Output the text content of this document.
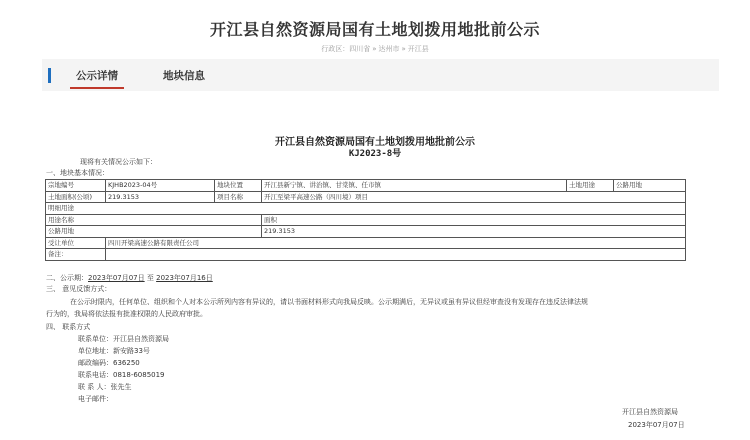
开江县自然资源局国有土地划拨用地批前公示
行政区：四川省 » 达州市 » 开江县
公示详情	地块信息
开江县自然资源局国有土地划拨用地批前公示
KJ2023-8号
现将有关情况公示如下：
一、地块基本情况：
宗地编号	KJHB2023-04号	地块位置	开江县新宁镇、讲治镇、甘棠镇、任市镇	土地用途	公路用地
土地面积(公顷)	219.3153	项目名称	开江至梁平高速公路（四川境）项目		
明细用途					
用途名称			面积		
公路用地			219.3153		
受让单位	四川开梁高速公路有限责任公司				
备注：					
二、公示期：2023年07月07日 至 2023年07月16日
三、 意见反馈方式：
在公示时限内，任何单位、组织和个人对本公示所列内容有异议的，请以书面材料形式向我局反映。公示期满后，无异议或虽有异议但经审查没有发现存在违反法律法规
行为的，我局将依法报有批准权限的人民政府审批。
四、 联系方式
联系单位：开江县自然资源局
单位地址：新安路33号
邮政编码：636250
联系电话：0818-6085019
联 系 人：张先生
电子邮件：
开江县自然资源局
2023年07月07日
